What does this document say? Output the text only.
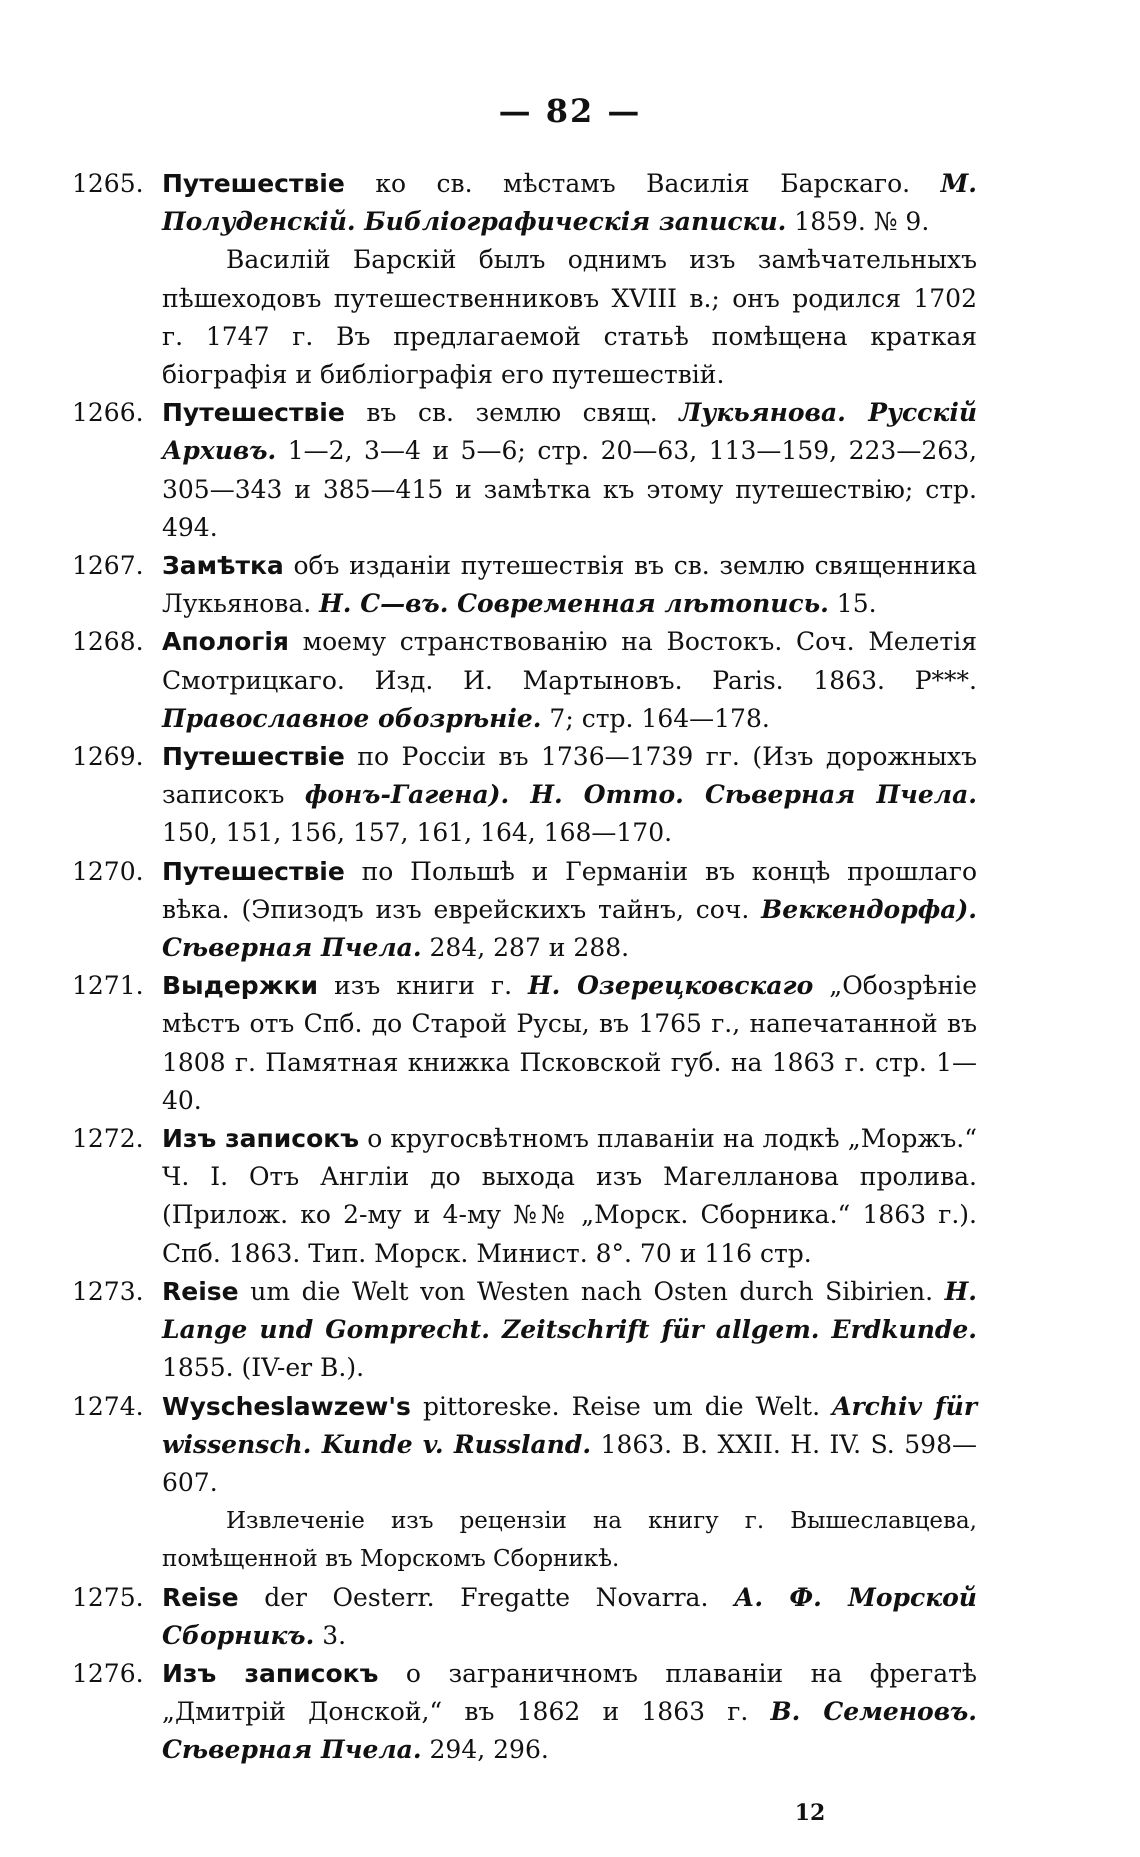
— 82 —
1265. Путешествіе ко св. мѣстамъ Василія Барскаго. М. Полуденскій. Библіографическія записки. 1859. № 9.
Василій Барскій былъ однимъ изъ замѣчательныхъ пѣшеходовъ путешественниковъ XVIII в.; онъ родился 1702 г. 1747 г. Въ предлагаемой статьѣ помѣщена краткая біографія и библіографія его путешествій.
1266. Путешествіе въ св. землю свящ. Лукьянова. Русскій Архивъ. 1—2, 3—4 и 5—6; стр. 20—63, 113—159, 223—263, 305—343 и 385—415 и замѣтка къ этому путешествію; стр. 494.
1267. Замѣтка объ изданіи путешествія въ св. землю священника Лукьянова. Н. С—въ. Современная лѣтопись. 15.
1268. Апологія моему странствованію на Востокъ. Соч. Мелетія Смотрицкаго. Изд. И. Мартыновъ. Paris. 1863. Р***. Православное обозрѣніе. 7; стр. 164—178.
1269. Путешествіе по Россіи въ 1736—1739 гг. (Изъ дорожныхъ записокъ фонъ-Гагена). Н. Отто. Сѣверная Пчела. 150, 151, 156, 157, 161, 164, 168—170.
1270. Путешествіе по Польшѣ и Германіи въ концѣ прошлаго вѣка. (Эпизодъ изъ еврейскихъ тайнъ, соч. Веккендорфа). Сѣверная Пчела. 284, 287 и 288.
1271. Выдержки изъ книги г. Н. Озерецковскаго „Обозрѣніе мѣстъ отъ Спб. до Старой Русы, въ 1765 г., напечатанной въ 1808 г. Памятная книжка Псковской губ. на 1863 г. стр. 1—40.
1272. Изъ записокъ о кругосвѣтномъ плаваніи на лодкѣ „Моржъ.“ Ч. I. Отъ Англіи до выхода изъ Магелланова пролива. (Прилож. ко 2-му и 4-му №№ „Морск. Сборника.“ 1863 г.). Спб. 1863. Тип. Морск. Минист. 8°. 70 и 116 стр.
1273. Reise um die Welt von Westen nach Osten durch Sibirien. H. Lange und Gomprecht. Zeitschrift für allgem. Erdkunde. 1855. (IV-er B.).
1274. Wyscheslawzew's pittoreske. Reise um die Welt. Archiv für wissensch. Kunde v. Russland. 1863. B. XXII. H. IV. S. 598—607.
Извлеченіе изъ рецензіи на книгу г. Вышеславцева, помѣщенной въ Морскомъ Сборникѣ.
1275. Reise der Oesterr. Fregatte Novarra. А. Ф. Морской Сборникъ. 3.
1276. Изъ записокъ о заграничномъ плаваніи на фрегатѣ „Дмитрій Донской,“ въ 1862 и 1863 г. В. Семеновъ. Сѣверная Пчела. 294, 296.
12
